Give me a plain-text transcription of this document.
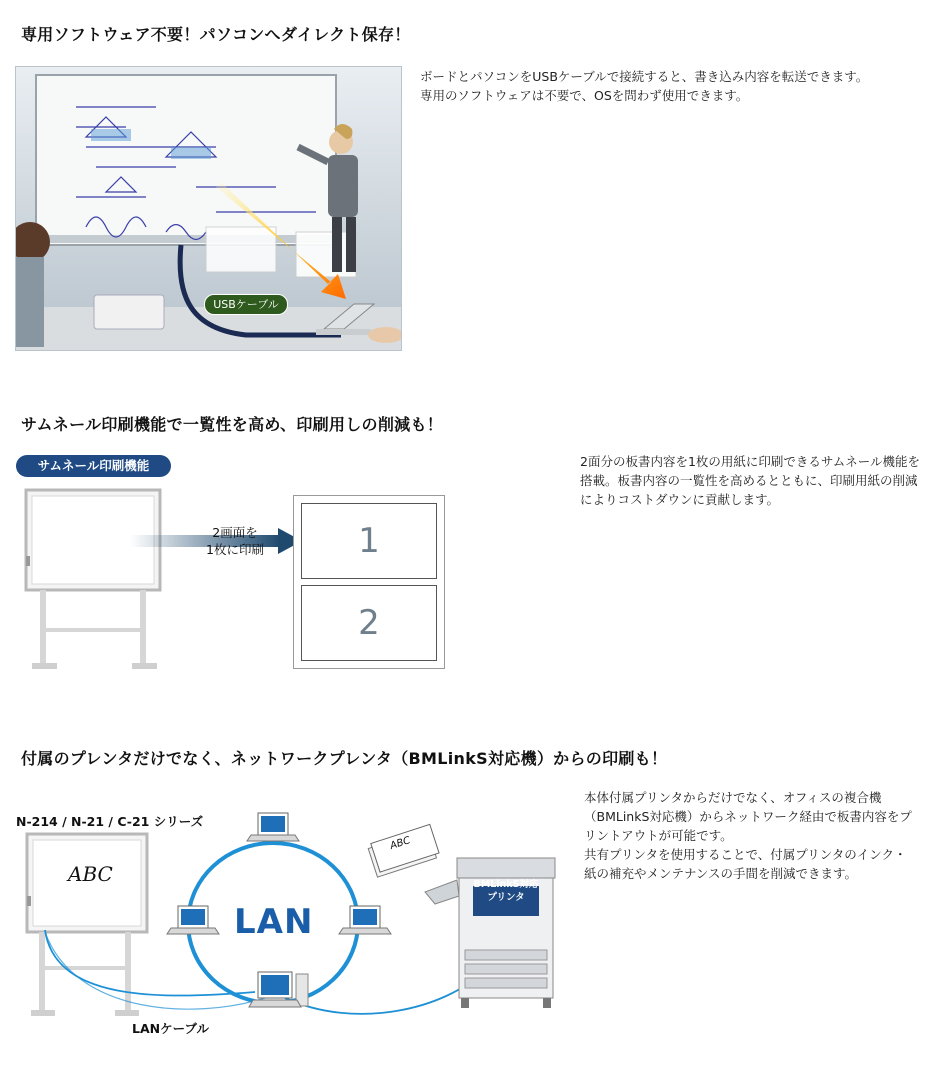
専用ソフトウェア不要！パソコンへダイレクト保存！
USBケーブル
ボードとパソコンをUSBケーブルで接続すると、書き込み内容を転送できます。
専用のソフトウェアは不要で、OSを問わず使用できます。
サムネール印刷機能で一覧性を高め、印刷用しの削減も！
サムネール印刷機能
2画面を
1枚に印刷	1
2
2面分の板書内容を1枚の用紙に印刷できるサムネール機能を
搭載。板書内容の一覧性を高めるとともに、印刷用紙の削減
によりコストダウンに貢献します。
付属のプレンタだけでなく、ネットワークプレンタ（BMLinkS対応機）からの印刷も！
N-214 / N-21 / C-21 シリーズ
ABC
LAN
LANケーブル
ABC
BMLinkS対応
プリンタ
本体付属プリンタからだけでなく、オフィスの複合機
（BMLinkS対応機）からネットワーク経由で板書内容をプ
リントアウトが可能です。
共有プリンタを使用することで、付属プリンタのインク・
紙の補充やメンテナンスの手間を削減できます。
